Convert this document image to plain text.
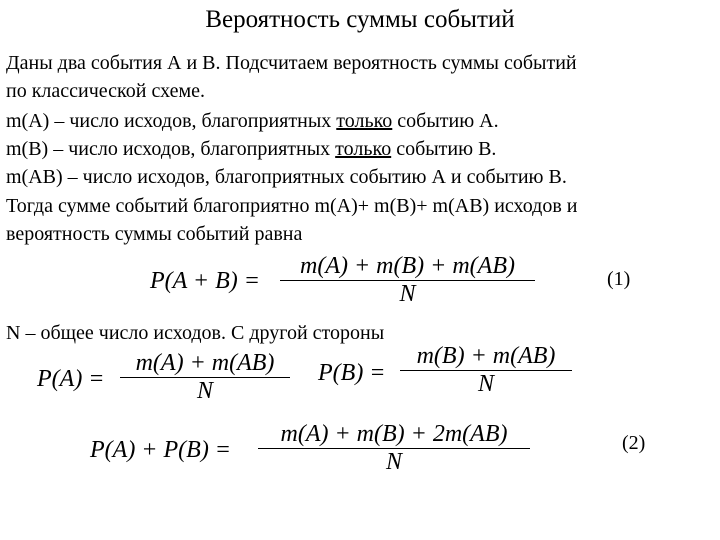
Вероятность суммы событий
Даны два события А и В. Подсчитаем вероятность суммы событий
по классической схеме.
m(A) – число исходов, благоприятных только событию А.
m(B) – число исходов, благоприятных только событию В.
m(AB) – число исходов, благоприятных событию А и событию В.
Тогда сумме событий благоприятно m(A)+ m(B)+ m(AB) исходов и
вероятность суммы событий равна
$P(A + B) = \frac{m(A) + m(B) + m(AB)}{N}$	(1)
N – общее число исходов. С другой стороны
$P(A) = \frac{m(A) + m(AB)}{N} P(B) = \frac{m(B) + m(AB)}{N}$
$P(A) + P(B) = \frac{m(A) + m(B) + 2m(AB)}{N}$	(2)
